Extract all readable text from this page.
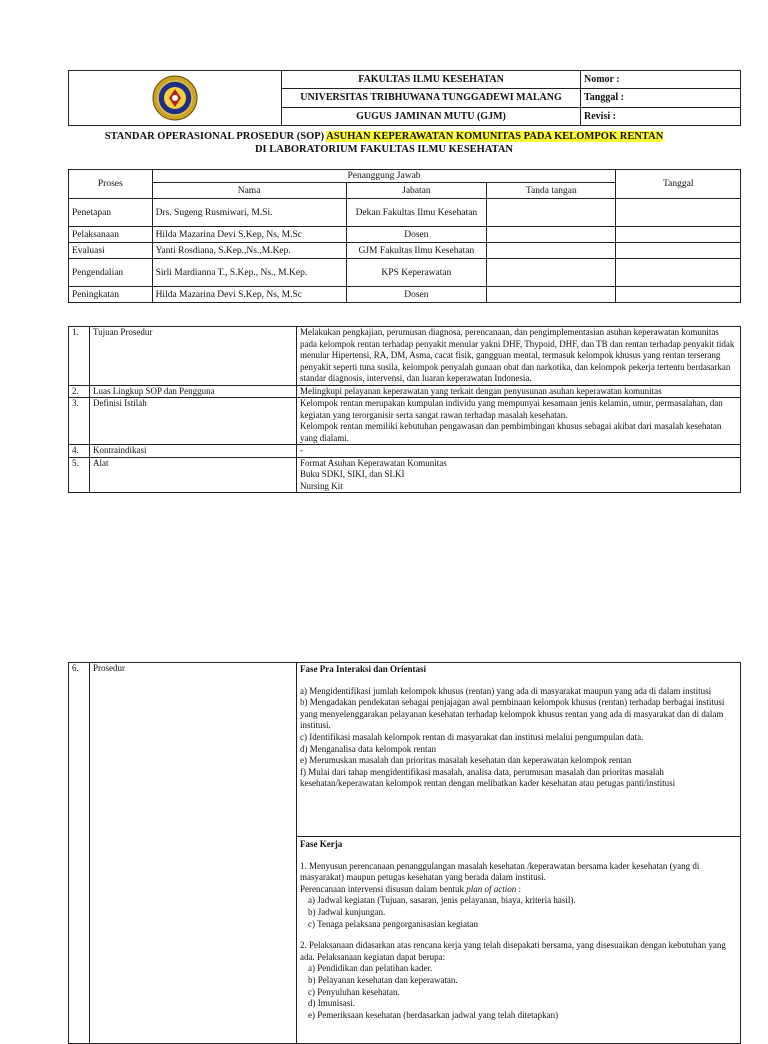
	FAKULTAS ILMU KESEHATAN	Nomor :
	UNIVERSITAS TRIBHUWANA TUNGGADEWI MALANG	Tanggal :
	GUGUS JAMINAN MUTU (GJM)	Revisi :
STANDAR OPERASIONAL PROSEDUR (SOP) ASUHAN KEPERAWATAN KOMUNITAS PADA KELOMPOK RENTAN
DI LABORATORIUM FAKULTAS ILMU KESEHATAN
Proses	Penanggung Jawab			Tanggal
	Nama	Jabatan	Tanda tangan	
Penetapan	Drs. Sugeng Rusmiwari, M.Si.	Dekan Fakultas Ilmu Kesehatan		
Pelaksanaan	Hilda Mazarina Devi S.Kep, Ns, M.Sc	Dosen		
Evaluasi	Yanti Rosdiana, S.Kep.,Ns.,M.Kep.	GJM Fakultas Ilmu Kesehatan		
Pengendalian	Sirli Mardianna T., S.Kep., Ns., M.Kep.	KPS Keperawatan		
Peningkatan	Hilda Mazarina Devi S.Kep, Ns, M.Sc	Dosen		
1.	Tujuan Prosedur	Melakukan pengkajian, perumusan diagnosa, perencanaan, dan pengimplementasian asuhan keperawatan komunitas pada kelompok rentan terhadap penyakit menular yakni DHF, Thypoid, DHF, dan TB dan rentan terhadap penyakit tidak menular Hipertensi, RA, DM, Asma, cacat fisik, gangguan mental, termasuk kelompok khusus yang rentan terserang penyakit seperti tuna susila, kelompok penyalah gunaan obat dan narkotika, dan kelompok pekerja tertentu berdasarkan standar diagnosis, intervensi, dan luaran keperawatan Indonesia.
2.	Luas Lingkup SOP dan Pengguna	Melingkupi pelayanan keperawatan yang terkait dengan penyusunan asuhan keperawatan komunitas
3.	Definisi Istilah	Kelompok rentan merupakan kumpulan individu yang mempunyai kesamaan jenis kelamin, umur, permasalahan, dan kegiatan yang terorganisir serta sangat rawan terhadap masalah kesehatan.
Kelompok rentan memiliki kebutuhan pengawasan dan pembimbingan khusus sebagai akibat dari masalah kesehatan yang dialami.

4.	Kontraindikasi	-
5.	Alat	Format Asuhan Keperawatan Komunitas
Buku SDKI, SIKI, dan SLKI
Nursing Kit
6.	Prosedur	Fase Pra Interaksi dan Orientasi
a) Mengidentifikasi jumlah kelompok khusus (rentan) yang ada di masyarakat maupun yang ada di dalam institusi
b) Mengadakan pendekatan sebagai penjajagan awal pembinaan kelompok khusus (rentan) terhadap berbagai institusi yang menyelenggarakan pelayanan kesehatan terhadap kelompok khusus rentan yang ada di masyarakat dan di dalam institusi.
c) Identifikasi masalah kelompok rentan di masyarakat dan institusi melalui pengumpulan data.
d) Menganalisa data kelompok rentan
e) Merumuskan masalah dan prioritas masalah kesehatan dan keperawatan kelompok rentan
f) Mulai dari tahap mengidentifikasi masalah, analisa data, perumusan masalah dan prioritas masalah kesehatan/keperawatan kelompok rentan dengan melibatkan kader kesehatan atau petugas panti/institusi

Fase Kerja
1. Menyusun perencanaan penanggulangan masalah kesehatan /keperawatan bersama kader kesehatan (yang di masyarakat) maupun petugas kesehatan yang berada dalam institusi.
Perencanaan intervensi disusun dalam bentuk plan of action :
a) Jadwal kegiatan (Tujuan, sasaran, jenis pelayanan, biaya, kriteria hasil).
b) Jadwal kunjungan.
c) Tenaga pelaksana pengorganisasian kegiatan
2. Pelaksanaan didasarkan atas rencana kerja yang telah disepakati bersama, yang disesuaikan dengan kebutuhan yang ada. Pelaksanaan kegiatan dapat berupa:
a) Pendidikan dan pelatihan kader.
b) Pelayanan kesehatan dan keperawatan.
c) Penyuluhan kesehatan.
d) Imunisasi.
e) Pemeriksaan kesehatan (berdasarkan jadwal yang telah ditetapkan)
